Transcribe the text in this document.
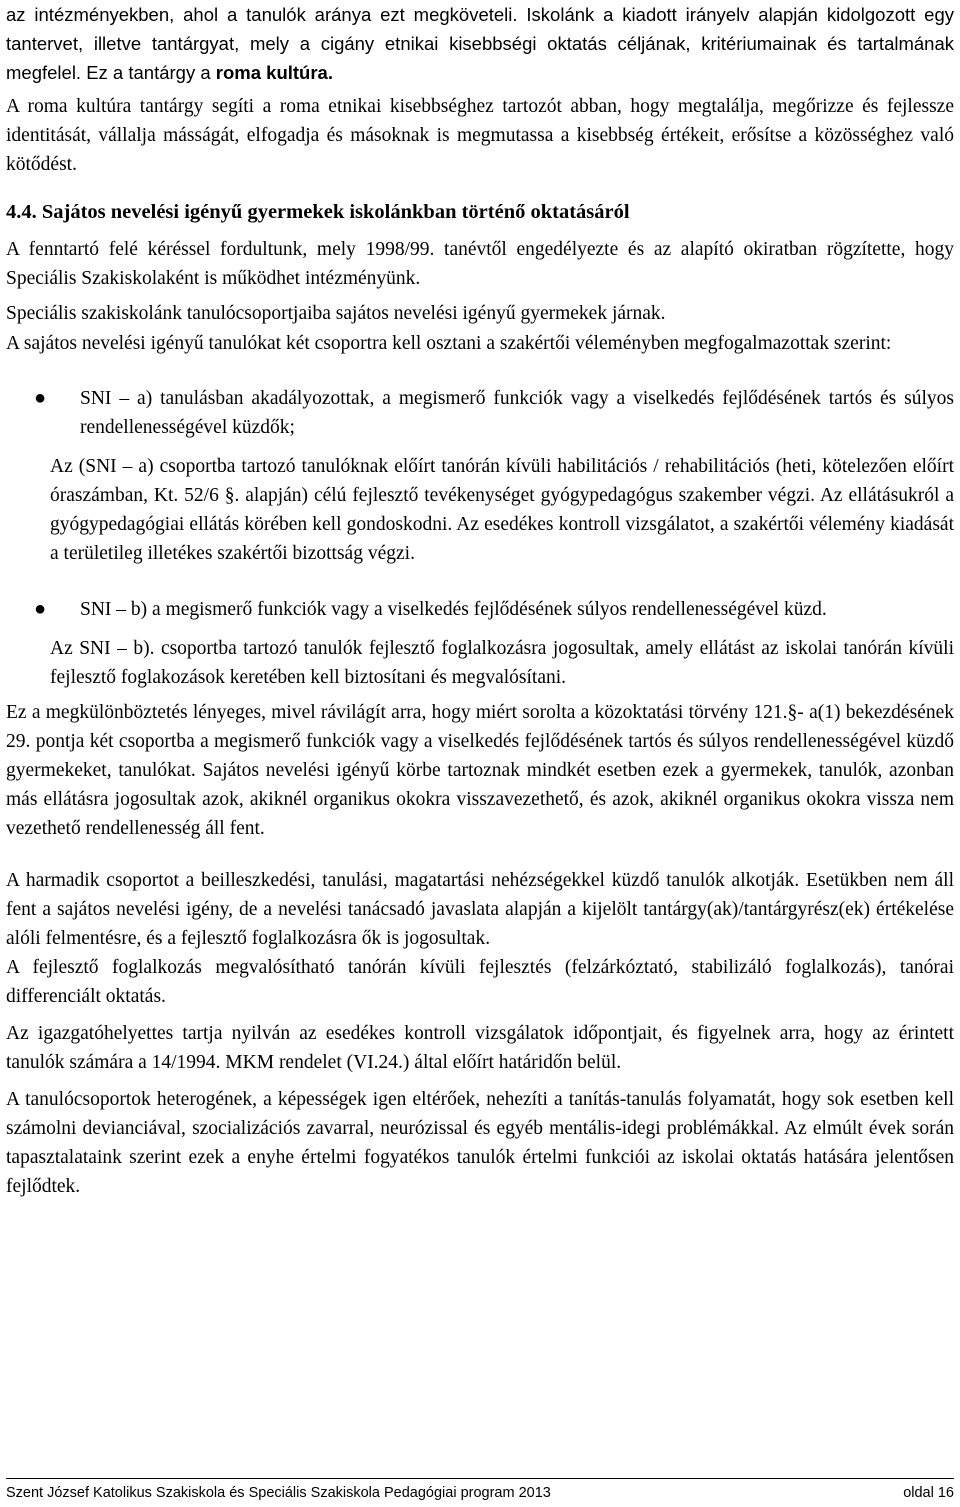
az intézményekben, ahol a tanulók aránya ezt megköveteli. Iskolánk a kiadott irányelv alapján kidolgozott egy tantervet, illetve tantárgyat, mely a cigány etnikai kisebbségi oktatás céljának, kritériumainak és tartalmának megfelel. Ez a tantárgy a roma kultúra.

A roma kultúra tantárgy segíti a roma etnikai kisebbséghez tartozót abban, hogy megtalálja, megőrizze és fejlessze identitását, vállalja másságát, elfogadja és másoknak is megmutassa a kisebbség értékeit, erősítse a közösséghez való kötődést.

4.4. Sajátos nevelési igényű gyermekek iskolánkban történő oktatásáról

A fenntartó felé kéréssel fordultunk, mely 1998/99. tanévtől engedélyezte és az alapító okiratban rögzítette, hogy Speciális Szakiskolaként is működhet intézményünk.

Speciális szakiskolánk tanulócsoportjaiba sajátos nevelési igényű gyermekek járnak.

A sajátos nevelési igényű tanulókat két csoportra kell osztani a szakértői véleményben megfogalmazottak szerint:

●	SNI – a) tanulásban akadályozottak, a megismerő funkciók vagy a viselkedés fejlődésének tartós és súlyos rendellenességével küzdők;

Az (SNI – a) csoportba tartozó tanulóknak előírt tanórán kívüli habilitációs / rehabilitációs (heti, kötelezően előírt óraszámban, Kt. 52/6 §. alapján) célú fejlesztő tevékenységet gyógypedagógus szakember végzi. Az ellátásukról a gyógypedagógiai ellátás körében kell gondoskodni. Az esedékes kontroll vizsgálatot, a szakértői vélemény kiadását a területileg illetékes szakértői bizottság végzi.

●	SNI – b) a megismerő funkciók vagy a viselkedés fejlődésének súlyos rendellenességével küzd.

Az SNI – b). csoportba tartozó tanulók fejlesztő foglalkozásra jogosultak, amely ellátást az iskolai tanórán kívüli fejlesztő foglakozások keretében kell biztosítani és megvalósítani.

Ez a megkülönböztetés lényeges, mivel rávilágít arra, hogy miért sorolta a közoktatási törvény 121.§- a(1) bekezdésének 29. pontja két csoportba a megismerő funkciók vagy a viselkedés fejlődésének tartós és súlyos rendellenességével küzdő gyermekeket, tanulókat. Sajátos nevelési igényű körbe tartoznak mindkét esetben ezek a gyermekek, tanulók, azonban más ellátásra jogosultak azok, akiknél organikus okokra visszavezethető, és azok, akiknél organikus okokra vissza nem vezethető rendellenesség áll fent.

A harmadik csoportot a beilleszkedési, tanulási, magatartási nehézségekkel küzdő tanulók alkotják. Esetükben nem áll fent a sajátos nevelési igény, de a nevelési tanácsadó javaslata alapján a kijelölt tantárgy(ak)/tantárgyrész(ek) értékelése alóli felmentésre, és a fejlesztő foglalkozásra ők is jogosultak.

A fejlesztő foglalkozás megvalósítható tanórán kívüli fejlesztés (felzárkóztató, stabilizáló foglalkozás), tanórai differenciált oktatás.

Az igazgatóhelyettes tartja nyilván az esedékes kontroll vizsgálatok időpontjait, és figyelnek arra, hogy az érintett tanulók számára a 14/1994. MKM rendelet (VI.24.) által előírt határidőn belül.

A tanulócsoportok heterogének, a képességek igen eltérőek, nehezíti a tanítás-tanulás folyamatát, hogy sok esetben kell számolni devianciával, szocializációs zavarral, neurózissal és egyéb mentális-idegi problémákkal. Az elmúlt évek során tapasztalataink szerint ezek a enyhe értelmi fogyatékos tanulók értelmi funkciói az iskolai oktatás hatására jelentősen fejlődtek.

Szent József Katolikus Szakiskola és Speciális Szakiskola Pedagógiai program 2013	oldal 16
